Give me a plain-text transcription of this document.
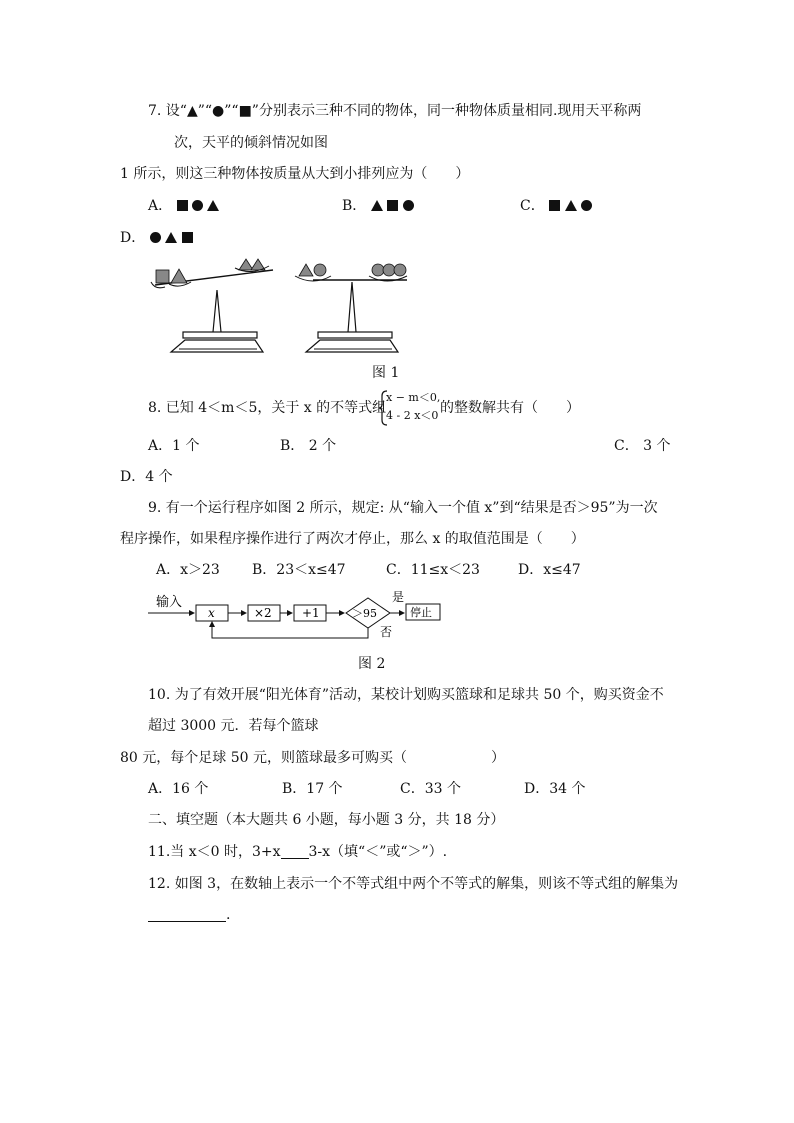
7. 设“▲”“●”“■”分别表示三种不同的物体，同一种物体质量相同.现用天平称两
次，天平的倾斜情况如图
1 所示，则这三种物体按质量从大到小排列应为（　　）
A．	B．	C．
D．
图 1
8. 已知 4＜m＜5，关于 x 的不等式组
x − m＜0,
4 - 2 x＜0 的整数解共有（　　）
A．1 个	B． 2 个	C． 3 个
D．4 个
9. 有一个运行程序如图 2 所示，规定: 从“输入一个值 x”到“结果是否＞95”为一次
程序操作，如果程序操作进行了两次才停止，那么 x 的取值范围是（　　）
A．x＞23 B．23＜x≤47	C．11≤x＜23	D．x≤47
输入
x	×2	+1	＞95
是
停止
否
图 2
10. 为了有效开展“阳光体育”活动，某校计划购买篮球和足球共 50 个，购买资金不
超过 3000 元．若每个篮球
80 元，每个足球 50 元，则篮球最多可购买（　　　　　　）
A．16 个	B．17 个	C．33 个	D．34 个
二、填空题（本大题共 6 小题，每小题 3 分，共 18 分）
11.当 x＜0 时，3+x 3-x（填“＜”或“＞”）.
12. 如图 3，在数轴上表示一个不等式组中两个不等式的解集，则该不等式组的解集为
.
